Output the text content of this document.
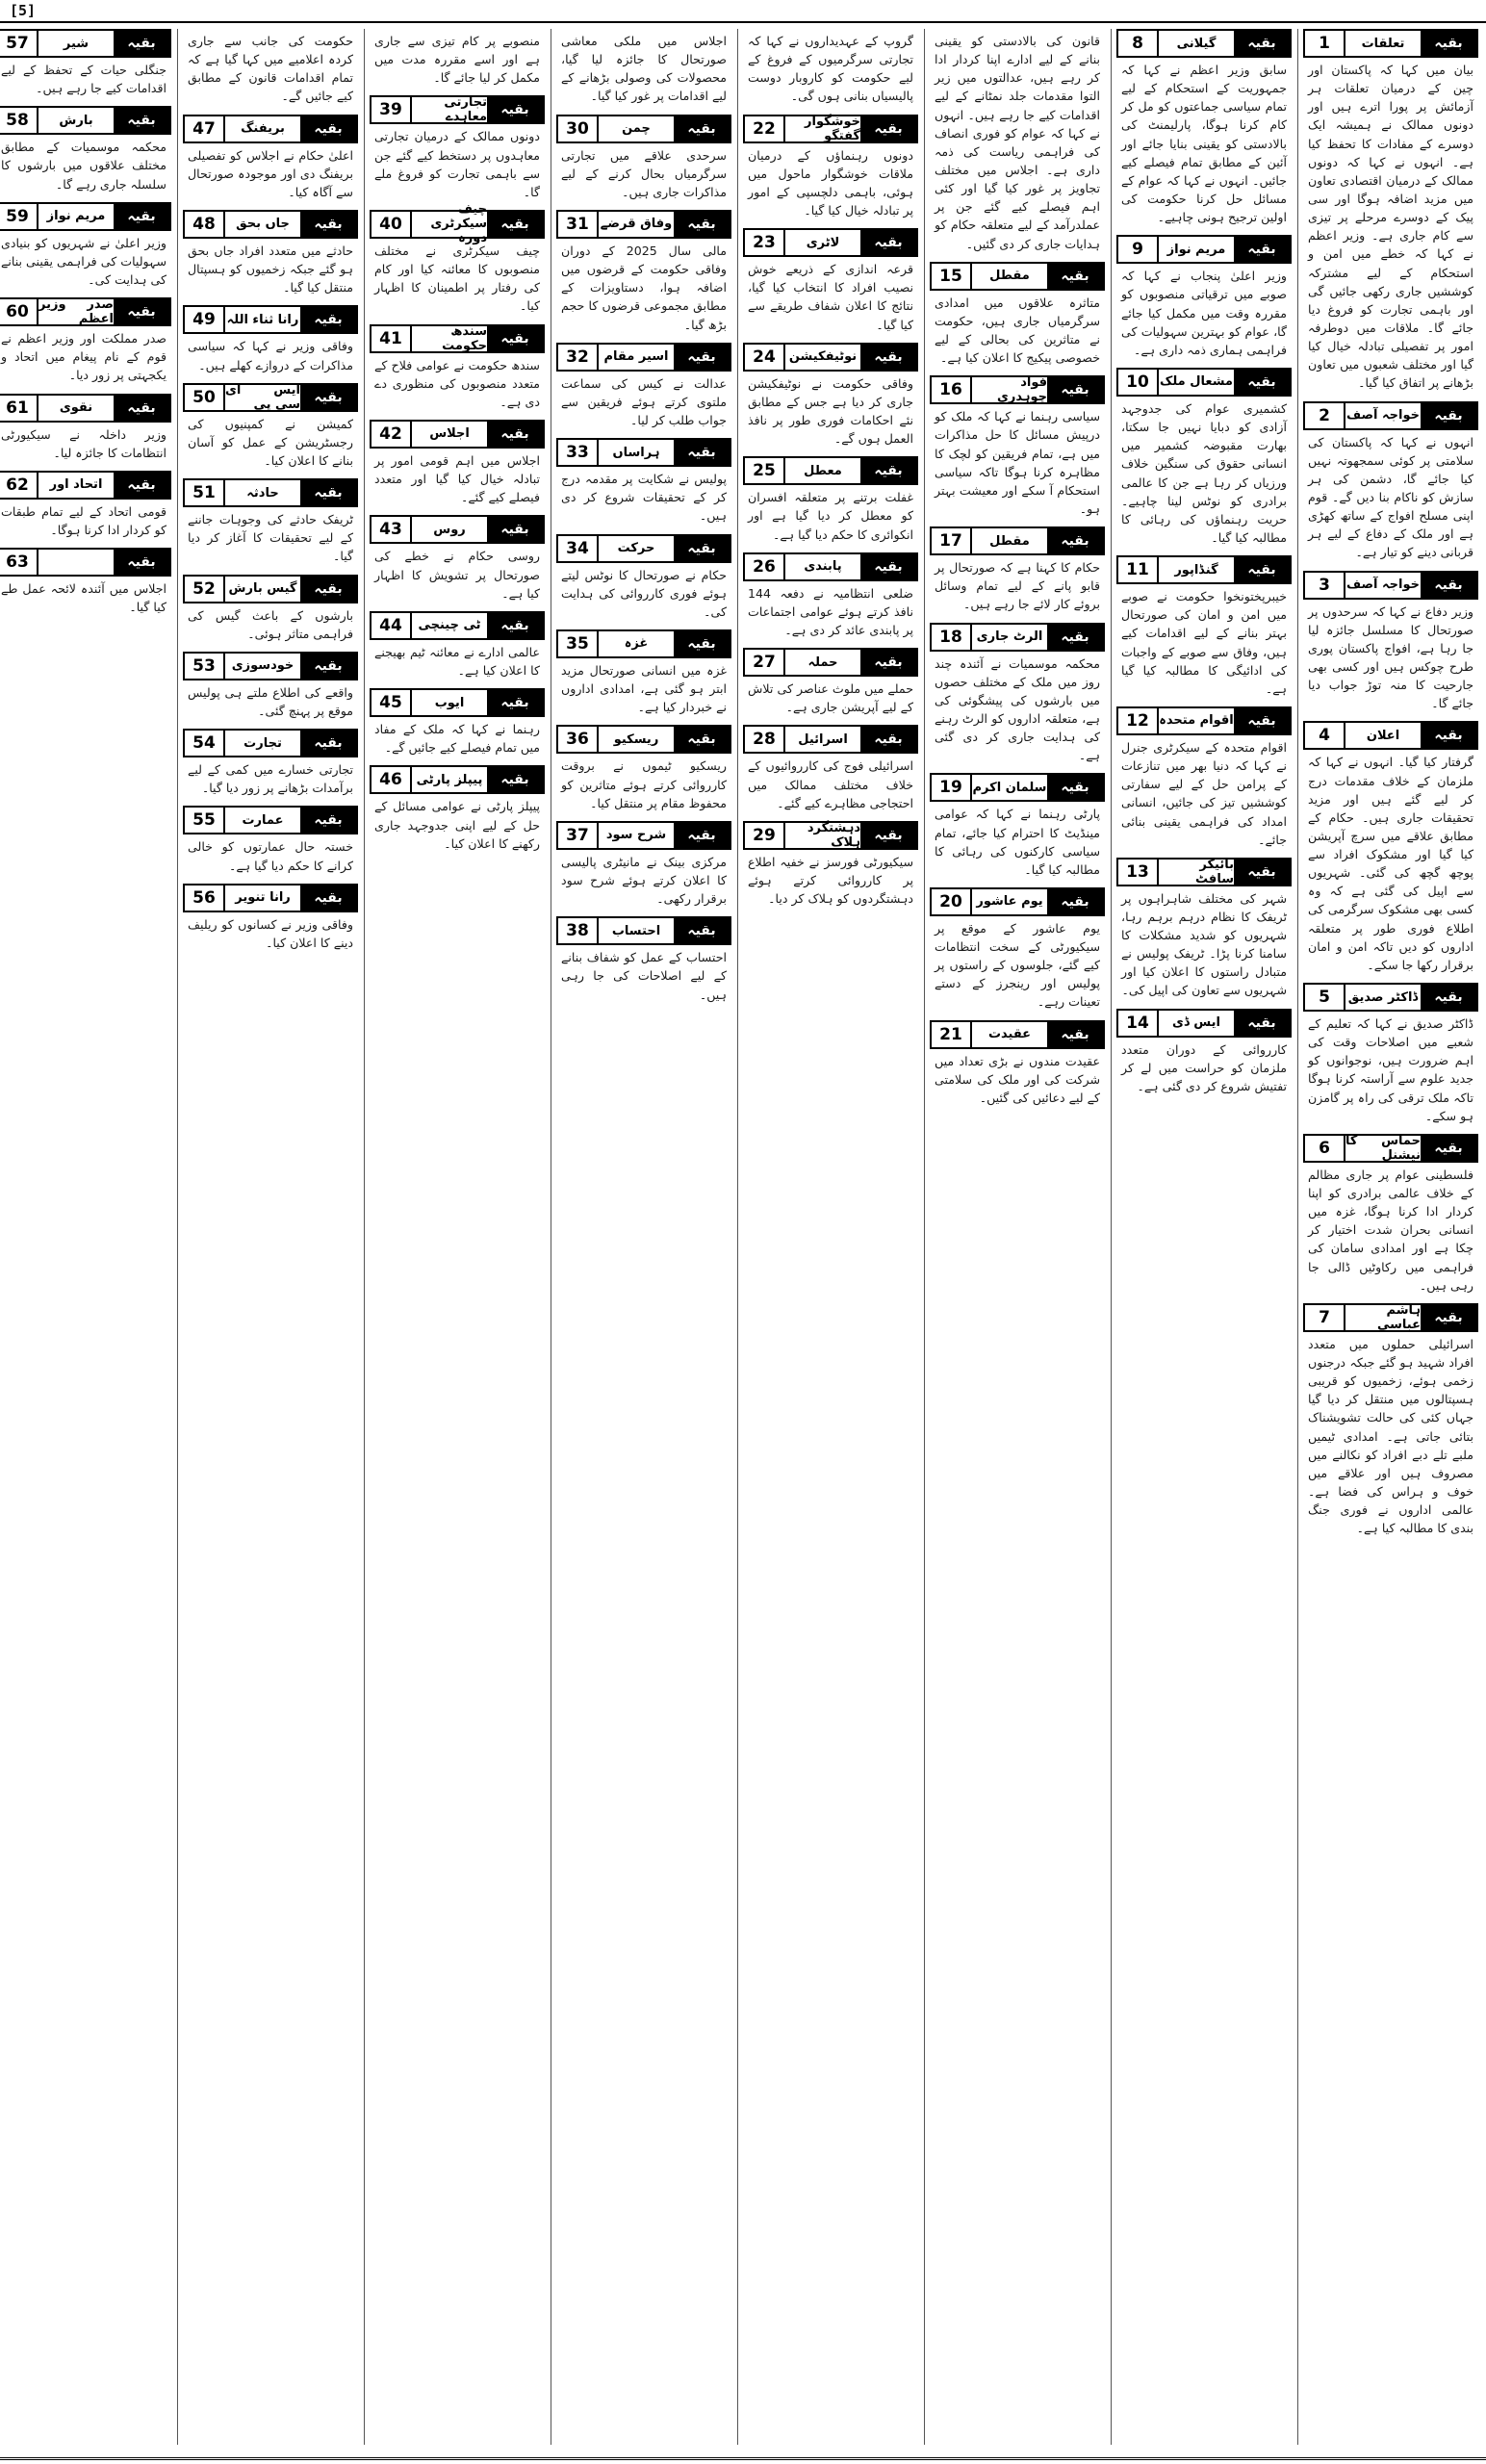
[5]
بقیہ
تعلقات
1
بیان میں کہا کہ پاکستان اور چین کے درمیان تعلقات ہر آزمائش پر پورا اترے ہیں اور دونوں ممالک نے ہمیشہ ایک دوسرے کے مفادات کا تحفظ کیا ہے۔ انہوں نے کہا کہ دونوں ممالک کے درمیان اقتصادی تعاون میں مزید اضافہ ہوگا اور سی پیک کے دوسرے مرحلے پر تیزی سے کام جاری ہے۔ وزیر اعظم نے کہا کہ خطے میں امن و استحکام کے لیے مشترکہ کوششیں جاری رکھی جائیں گی اور باہمی تجارت کو فروغ دیا جائے گا۔ ملاقات میں دوطرفہ امور پر تفصیلی تبادلہ خیال کیا گیا اور مختلف شعبوں میں تعاون بڑھانے پر اتفاق کیا گیا۔
بقیہ
خواجہ آصف
2
انہوں نے کہا کہ پاکستان کی سلامتی پر کوئی سمجھوتہ نہیں کیا جائے گا، دشمن کی ہر سازش کو ناکام بنا دیں گے۔ قوم اپنی مسلح افواج کے ساتھ کھڑی ہے اور ملک کے دفاع کے لیے ہر قربانی دینے کو تیار ہے۔
بقیہ
خواجہ آصف
3
وزیر دفاع نے کہا کہ سرحدوں پر صورتحال کا مسلسل جائزہ لیا جا رہا ہے، افواج پاکستان پوری طرح چوکس ہیں اور کسی بھی جارحیت کا منہ توڑ جواب دیا جائے گا۔
بقیہ
اعلان
4
گرفتار کیا گیا۔ انہوں نے کہا کہ ملزمان کے خلاف مقدمات درج کر لیے گئے ہیں اور مزید تحقیقات جاری ہیں۔ حکام کے مطابق علاقے میں سرچ آپریشن کیا گیا اور مشکوک افراد سے پوچھ گچھ کی گئی۔ شہریوں سے اپیل کی گئی ہے کہ وہ کسی بھی مشکوک سرگرمی کی اطلاع فوری طور پر متعلقہ اداروں کو دیں تاکہ امن و امان برقرار رکھا جا سکے۔
بقیہ
ڈاکٹر صدیق
5
ڈاکٹر صدیق نے کہا کہ تعلیم کے شعبے میں اصلاحات وقت کی اہم ضرورت ہیں، نوجوانوں کو جدید علوم سے آراستہ کرنا ہوگا تاکہ ملک ترقی کی راہ پر گامزن ہو سکے۔
بقیہ
حماس کا نیشنل
6
فلسطینی عوام پر جاری مظالم کے خلاف عالمی برادری کو اپنا کردار ادا کرنا ہوگا، غزہ میں انسانی بحران شدت اختیار کر چکا ہے اور امدادی سامان کی فراہمی میں رکاوٹیں ڈالی جا رہی ہیں۔
بقیہ
ہاشم عباسی
7
اسرائیلی حملوں میں متعدد افراد شہید ہو گئے جبکہ درجنوں زخمی ہوئے، زخمیوں کو قریبی ہسپتالوں میں منتقل کر دیا گیا جہاں کئی کی حالت تشویشناک بتائی جاتی ہے۔ امدادی ٹیمیں ملبے تلے دبے افراد کو نکالنے میں مصروف ہیں اور علاقے میں خوف و ہراس کی فضا ہے۔ عالمی اداروں نے فوری جنگ بندی کا مطالبہ کیا ہے۔
بقیہ
گیلانی
8
سابق وزیر اعظم نے کہا کہ جمہوریت کے استحکام کے لیے تمام سیاسی جماعتوں کو مل کر کام کرنا ہوگا، پارلیمنٹ کی بالادستی کو یقینی بنایا جائے اور آئین کے مطابق تمام فیصلے کیے جائیں۔ انہوں نے کہا کہ عوام کے مسائل حل کرنا حکومت کی اولین ترجیح ہونی چاہیے۔
بقیہ
مریم نواز
9
وزیر اعلیٰ پنجاب نے کہا کہ صوبے میں ترقیاتی منصوبوں کو مقررہ وقت میں مکمل کیا جائے گا، عوام کو بہترین سہولیات کی فراہمی ہماری ذمہ داری ہے۔
بقیہ
مشعال ملک
10
کشمیری عوام کی جدوجہد آزادی کو دبایا نہیں جا سکتا، بھارت مقبوضہ کشمیر میں انسانی حقوق کی سنگین خلاف ورزیاں کر رہا ہے جن کا عالمی برادری کو نوٹس لینا چاہیے۔ حریت رہنماؤں کی رہائی کا مطالبہ کیا گیا۔
بقیہ
گنڈاپور
11
خیبرپختونخوا حکومت نے صوبے میں امن و امان کی صورتحال بہتر بنانے کے لیے اقدامات کیے ہیں، وفاق سے صوبے کے واجبات کی ادائیگی کا مطالبہ کیا گیا ہے۔
بقیہ
اقوام متحدہ
12
اقوام متحدہ کے سیکرٹری جنرل نے کہا کہ دنیا بھر میں تنازعات کے پرامن حل کے لیے سفارتی کوششیں تیز کی جائیں، انسانی امداد کی فراہمی یقینی بنائی جائے۔
بقیہ
بائیکر سافٹ
13
شہر کی مختلف شاہراہوں پر ٹریفک کا نظام درہم برہم رہا، شہریوں کو شدید مشکلات کا سامنا کرنا پڑا۔ ٹریفک پولیس نے متبادل راستوں کا اعلان کیا اور شہریوں سے تعاون کی اپیل کی۔
بقیہ
ایس ڈی
14
کارروائی کے دوران متعدد ملزمان کو حراست میں لے کر تفتیش شروع کر دی گئی ہے۔
قانون کی بالادستی کو یقینی بنانے کے لیے ادارے اپنا کردار ادا کر رہے ہیں، عدالتوں میں زیر التوا مقدمات جلد نمٹانے کے لیے اقدامات کیے جا رہے ہیں۔ انہوں نے کہا کہ عوام کو فوری انصاف کی فراہمی ریاست کی ذمہ داری ہے۔ اجلاس میں مختلف تجاویز پر غور کیا گیا اور کئی اہم فیصلے کیے گئے جن پر عملدرآمد کے لیے متعلقہ حکام کو ہدایات جاری کر دی گئیں۔
بقیہ
مقطل
15
متاثرہ علاقوں میں امدادی سرگرمیاں جاری ہیں، حکومت نے متاثرین کی بحالی کے لیے خصوصی پیکیج کا اعلان کیا ہے۔
بقیہ
فواد چوہدری
16
سیاسی رہنما نے کہا کہ ملک کو درپیش مسائل کا حل مذاکرات میں ہے، تمام فریقین کو لچک کا مظاہرہ کرنا ہوگا تاکہ سیاسی استحکام آ سکے اور معیشت بہتر ہو۔
بقیہ
مقطل
17
حکام کا کہنا ہے کہ صورتحال پر قابو پانے کے لیے تمام وسائل بروئے کار لائے جا رہے ہیں۔
بقیہ
الرٹ جاری
18
محکمہ موسمیات نے آئندہ چند روز میں ملک کے مختلف حصوں میں بارشوں کی پیشگوئی کی ہے، متعلقہ اداروں کو الرٹ رہنے کی ہدایت جاری کر دی گئی ہے۔
بقیہ
سلمان اکرم
19
پارٹی رہنما نے کہا کہ عوامی مینڈیٹ کا احترام کیا جائے، تمام سیاسی کارکنوں کی رہائی کا مطالبہ کیا گیا۔
بقیہ
یوم عاشور
20
یوم عاشور کے موقع پر سیکیورٹی کے سخت انتظامات کیے گئے، جلوسوں کے راستوں پر پولیس اور رینجرز کے دستے تعینات رہے۔
بقیہ
عقیدت
21
عقیدت مندوں نے بڑی تعداد میں شرکت کی اور ملک کی سلامتی کے لیے دعائیں کی گئیں۔
گروپ کے عہدیداروں نے کہا کہ تجارتی سرگرمیوں کے فروغ کے لیے حکومت کو کاروبار دوست پالیسیاں بنانی ہوں گی۔
بقیہ
خوشگوار گفتگو
22
دونوں رہنماؤں کے درمیان ملاقات خوشگوار ماحول میں ہوئی، باہمی دلچسپی کے امور پر تبادلہ خیال کیا گیا۔
بقیہ
لاٹری
23
قرعہ اندازی کے ذریعے خوش نصیب افراد کا انتخاب کیا گیا، نتائج کا اعلان شفاف طریقے سے کیا گیا۔
بقیہ
نوٹیفکیشن
24
وفاقی حکومت نے نوٹیفکیشن جاری کر دیا ہے جس کے مطابق نئے احکامات فوری طور پر نافذ العمل ہوں گے۔
بقیہ
معطل
25
غفلت برتنے پر متعلقہ افسران کو معطل کر دیا گیا ہے اور انکوائری کا حکم دیا گیا ہے۔
بقیہ
پابندی
26
ضلعی انتظامیہ نے دفعہ 144 نافذ کرتے ہوئے عوامی اجتماعات پر پابندی عائد کر دی ہے۔
بقیہ
حملہ
27
حملے میں ملوث عناصر کی تلاش کے لیے آپریشن جاری ہے۔
بقیہ
اسرائیل
28
اسرائیلی فوج کی کارروائیوں کے خلاف مختلف ممالک میں احتجاجی مظاہرے کیے گئے۔
بقیہ
دہشتگرد ہلاک
29
سیکیورٹی فورسز نے خفیہ اطلاع پر کارروائی کرتے ہوئے دہشتگردوں کو ہلاک کر دیا۔
اجلاس میں ملکی معاشی صورتحال کا جائزہ لیا گیا، محصولات کی وصولی بڑھانے کے لیے اقدامات پر غور کیا گیا۔
بقیہ
چمن
30
سرحدی علاقے میں تجارتی سرگرمیاں بحال کرنے کے لیے مذاکرات جاری ہیں۔
بقیہ
وفاق قرضے
31
مالی سال 2025 کے دوران وفاقی حکومت کے قرضوں میں اضافہ ہوا، دستاویزات کے مطابق مجموعی قرضوں کا حجم بڑھ گیا۔
بقیہ
اسیر مقام
32
عدالت نے کیس کی سماعت ملتوی کرتے ہوئے فریقین سے جواب طلب کر لیا۔
بقیہ
ہراساں
33
پولیس نے شکایت پر مقدمہ درج کر کے تحقیقات شروع کر دی ہیں۔
بقیہ
حرکت
34
حکام نے صورتحال کا نوٹس لیتے ہوئے فوری کارروائی کی ہدایت کی۔
بقیہ
غزہ
35
غزہ میں انسانی صورتحال مزید ابتر ہو گئی ہے، امدادی اداروں نے خبردار کیا ہے۔
بقیہ
ریسکیو
36
ریسکیو ٹیموں نے بروقت کارروائی کرتے ہوئے متاثرین کو محفوظ مقام پر منتقل کیا۔
بقیہ
شرح سود
37
مرکزی بینک نے مانیٹری پالیسی کا اعلان کرتے ہوئے شرح سود برقرار رکھی۔
بقیہ
احتساب
38
احتساب کے عمل کو شفاف بنانے کے لیے اصلاحات کی جا رہی ہیں۔
منصوبے پر کام تیزی سے جاری ہے اور اسے مقررہ مدت میں مکمل کر لیا جائے گا۔
بقیہ
تجارتی معاہدے
39
دونوں ممالک کے درمیان تجارتی معاہدوں پر دستخط کیے گئے جن سے باہمی تجارت کو فروغ ملے گا۔
بقیہ
چیف سیکرٹری دورہ
40
چیف سیکرٹری نے مختلف منصوبوں کا معائنہ کیا اور کام کی رفتار پر اطمینان کا اظہار کیا۔
بقیہ
سندھ حکومت
41
سندھ حکومت نے عوامی فلاح کے متعدد منصوبوں کی منظوری دے دی ہے۔
بقیہ
اجلاس
42
اجلاس میں اہم قومی امور پر تبادلہ خیال کیا گیا اور متعدد فیصلے کیے گئے۔
بقیہ
روس
43
روسی حکام نے خطے کی صورتحال پر تشویش کا اظہار کیا ہے۔
بقیہ
ٹی چینچی
44
عالمی ادارے نے معائنہ ٹیم بھیجنے کا اعلان کیا ہے۔
بقیہ
ایوب
45
رہنما نے کہا کہ ملک کے مفاد میں تمام فیصلے کیے جائیں گے۔
بقیہ
پیپلز پارٹی
46
پیپلز پارٹی نے عوامی مسائل کے حل کے لیے اپنی جدوجہد جاری رکھنے کا اعلان کیا۔
حکومت کی جانب سے جاری کردہ اعلامیے میں کہا گیا ہے کہ تمام اقدامات قانون کے مطابق کیے جائیں گے۔
بقیہ
بریفنگ
47
اعلیٰ حکام نے اجلاس کو تفصیلی بریفنگ دی اور موجودہ صورتحال سے آگاہ کیا۔
بقیہ
جاں بحق
48
حادثے میں متعدد افراد جاں بحق ہو گئے جبکہ زخمیوں کو ہسپتال منتقل کیا گیا۔
بقیہ
رانا ثناء اللہ
49
وفاقی وزیر نے کہا کہ سیاسی مذاکرات کے دروازے کھلے ہیں۔
بقیہ
ایس ای سی پی
50
کمیشن نے کمپنیوں کی رجسٹریشن کے عمل کو آسان بنانے کا اعلان کیا۔
بقیہ
حادثہ
51
ٹریفک حادثے کی وجوہات جاننے کے لیے تحقیقات کا آغاز کر دیا گیا۔
بقیہ
گیس بارش
52
بارشوں کے باعث گیس کی فراہمی متاثر ہوئی۔
بقیہ
خودسوزی
53
واقعے کی اطلاع ملتے ہی پولیس موقع پر پہنچ گئی۔
بقیہ
تجارت
54
تجارتی خسارے میں کمی کے لیے برآمدات بڑھانے پر زور دیا گیا۔
بقیہ
عمارت
55
خستہ حال عمارتوں کو خالی کرانے کا حکم دیا گیا ہے۔
بقیہ
رانا تنویر
56
وفاقی وزیر نے کسانوں کو ریلیف دینے کا اعلان کیا۔
بقیہ
شیر
57
جنگلی حیات کے تحفظ کے لیے اقدامات کیے جا رہے ہیں۔
بقیہ
بارش
58
محکمہ موسمیات کے مطابق مختلف علاقوں میں بارشوں کا سلسلہ جاری رہے گا۔
بقیہ
مریم نواز
59
وزیر اعلیٰ نے شہریوں کو بنیادی سہولیات کی فراہمی یقینی بنانے کی ہدایت کی۔
بقیہ
صدر وزیر اعظم
60
صدر مملکت اور وزیر اعظم نے قوم کے نام پیغام میں اتحاد و یکجہتی پر زور دیا۔
بقیہ
نقوی
61
وزیر داخلہ نے سیکیورٹی انتظامات کا جائزہ لیا۔
بقیہ
اتحاد اور
62
قومی اتحاد کے لیے تمام طبقات کو کردار ادا کرنا ہوگا۔
بقیہ
63
اجلاس میں آئندہ لائحہ عمل طے کیا گیا۔
